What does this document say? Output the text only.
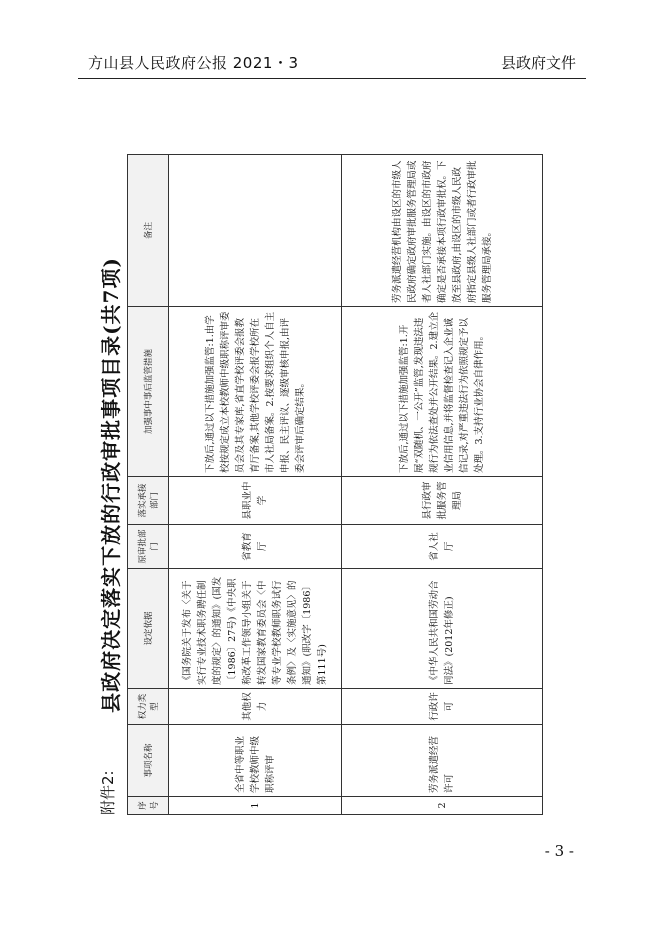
方山县人民政府公报 2021・3	县政府文件
附件2:
县政府决定落实下放的行政审批事项目录(共7项)
序号	事项名称	权力类型	设定依据	原审批部门	落实承接部门	加强事中事后监管措施	备注
1	全省中等职业学校教师中级职称评审	其他权力	《国务院关于发布〈关于实行专业技术职务聘任制度的规定〉的通知》(国发〔1986〕27号)《中央职称改革工作领导小组关于转发国家教育委员会〈中等专业学校教师职务试行条例〉及〈实施意见〉的通知》(职改字〔1986〕第111号)	省教育厅	县职业中学	下放后,通过以下措施加强监管:1.由学校按规定成立本校教师中级职称评审委员会及其专家库,省直学校评委会报教育厅备案,其他学校评委会报学校所在市人社局备案。2.按要求组织个人自主申报、民主评议、逐级审核申报,由评委会评审后确定结果。	
2	劳务派遣经营许可	行政许可	《中华人民共和国劳动合同法》(2012年修正)	省人社厅	县行政审批服务管理局	下放后,通过以下措施加强监管:1.开展“双随机、一公开”监管,发现违法违规行为依法查处并公开结果。2.建立企业信用信息,并将监督检查记入企业诚信记录,对严重违法行为依照规定予以处理。3.支持行业协会自律作用。	劳务派遣经营机构由设区的市级人民政府确定政府审批服务管理局或者人社部门实施。由设区的市政府确定是否承接本项行政审批权。下放至县政府,由设区的市级人民政府指定县级人社部门或者行政审批服务管理局承接。
- 3 -
